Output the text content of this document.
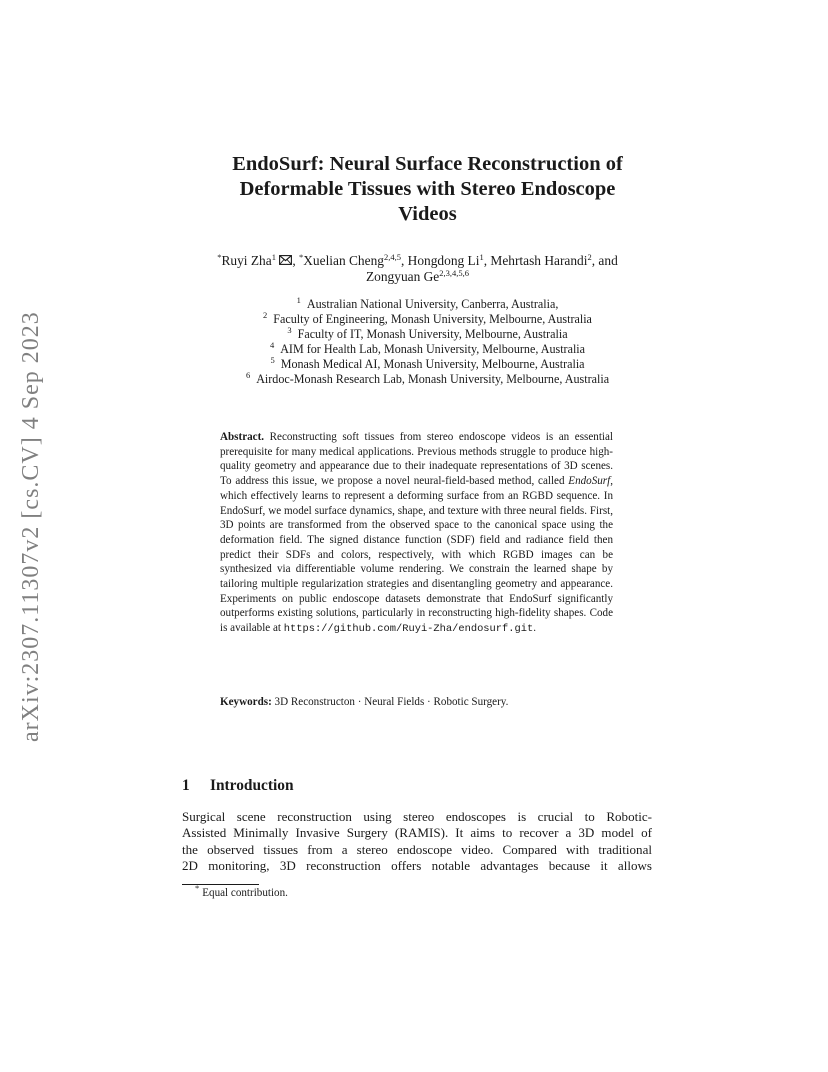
arXiv:2307.11307v2 [cs.CV] 4 Sep 2023
EndoSurf: Neural Surface Reconstruction of
Deformable Tissues with Stereo Endoscope
Videos

*Ruyi Zha$^1$ , *Xuelian Cheng$^{2,4,5}$, Hongdong Li$^1$, Mehrtash Harandi$^2$, and
Zongyuan Ge$^{2,3,4,5,6}$

$^1$ Australian National University, Canberra, Australia,
$^2$ Faculty of Engineering, Monash University, Melbourne, Australia
$^3$ Faculty of IT, Monash University, Melbourne, Australia
$^4$ AIM for Health Lab, Monash University, Melbourne, Australia
$^5$ Monash Medical AI, Monash University, Melbourne, Australia
$^6$ Airdoc-Monash Research Lab, Monash University, Melbourne, Australia

Abstract. Reconstructing soft tissues from stereo endoscope videos is an essential prerequisite for many medical applications. Previous methods struggle to produce high-quality geometry and appearance due to their inadequate representations of 3D scenes. To address this issue, we propose a novel neural-field-based method, called EndoSurf, which effectively learns to represent a deforming surface from an RGBD sequence. In EndoSurf, we model surface dynamics, shape, and texture with three neural fields. First, 3D points are transformed from the observed space to the canonical space using the deformation field. The signed distance function (SDF) field and radiance field then predict their SDFs and colors, respectively, with which RGBD images can be synthesized via differentiable volume rendering. We constrain the learned shape by tailoring multiple regularization strategies and disentangling geometry and appearance. Experiments on public endoscope datasets demonstrate that EndoSurf significantly outperforms existing solutions, particularly in reconstructing high-fidelity shapes. Code is available at https://github.com/Ruyi-Zha/endosurf.git.

Keywords: 3D Reconstructon · Neural Fields · Robotic Surgery.

1 Introduction

Surgical scene reconstruction using stereo endoscopes is crucial to Robotic-
Assisted Minimally Invasive Surgery (RAMIS). It aims to recover a 3D model of
the observed tissues from a stereo endoscope video. Compared with traditional
2D monitoring, 3D reconstruction offers notable advantages because it allows

* Equal contribution.
